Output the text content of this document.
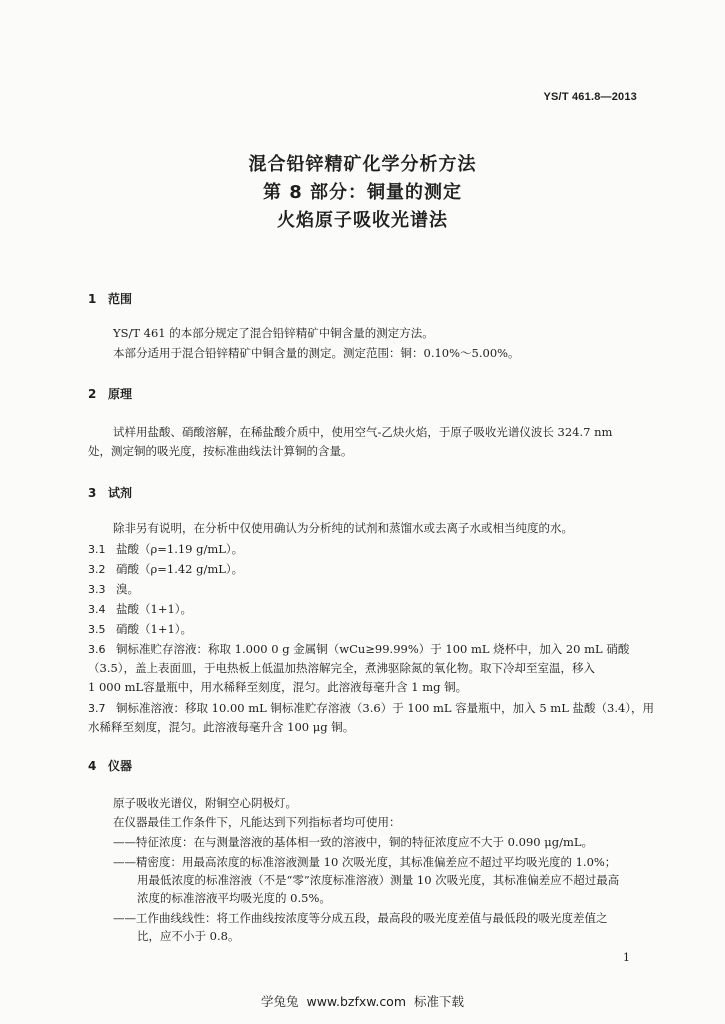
YS/T 461.8—2013
混合铅锌精矿化学分析方法
第 8 部分：铜量的测定
火焰原子吸收光谱法
1 范围
YS/T 461 的本部分规定了混合铅锌精矿中铜含量的测定方法。
本部分适用于混合铅锌精矿中铜含量的测定。测定范围：铜：0.10%～5.00%。
2 原理
试样用盐酸、硝酸溶解，在稀盐酸介质中，使用空气-乙炔火焰，于原子吸收光谱仪波长 324.7 nm
处，测定铜的吸光度，按标准曲线法计算铜的含量。
3 试剂
除非另有说明，在分析中仅使用确认为分析纯的试剂和蒸馏水或去离子水或相当纯度的水。
3.1 盐酸（ρ=1.19 g/mL）。
3.2 硝酸（ρ=1.42 g/mL）。
3.3 溴。
3.4 盐酸（1+1）。
3.5 硝酸（1+1）。
3.6 铜标准贮存溶液：称取 1.000 0 g 金属铜（wCu≥99.99%）于 100 mL 烧杯中，加入 20 mL 硝酸
（3.5），盖上表面皿，于电热板上低温加热溶解完全，煮沸驱除氮的氧化物。取下冷却至室温，移入
1 000 mL容量瓶中，用水稀释至刻度，混匀。此溶液每毫升含 1 mg 铜。
3.7 铜标准溶液：移取 10.00 mL 铜标准贮存溶液（3.6）于 100 mL 容量瓶中，加入 5 mL 盐酸（3.4），用
水稀释至刻度，混匀。此溶液每毫升含 100 μg 铜。
4 仪器
原子吸收光谱仪，附铜空心阴极灯。
在仪器最佳工作条件下，凡能达到下列指标者均可使用：
——特征浓度：在与测量溶液的基体相一致的溶液中，铜的特征浓度应不大于 0.090 μg/mL。
——精密度：用最高浓度的标准溶液测量 10 次吸光度，其标准偏差应不超过平均吸光度的 1.0%；
用最低浓度的标准溶液（不是“零”浓度标准溶液）测量 10 次吸光度，其标准偏差应不超过最高
浓度的标准溶液平均吸光度的 0.5%。
——工作曲线线性：将工作曲线按浓度等分成五段，最高段的吸光度差值与最低段的吸光度差值之
比，应不小于 0.8。
1
学兔兔 www.bzfxw.com 标准下载
